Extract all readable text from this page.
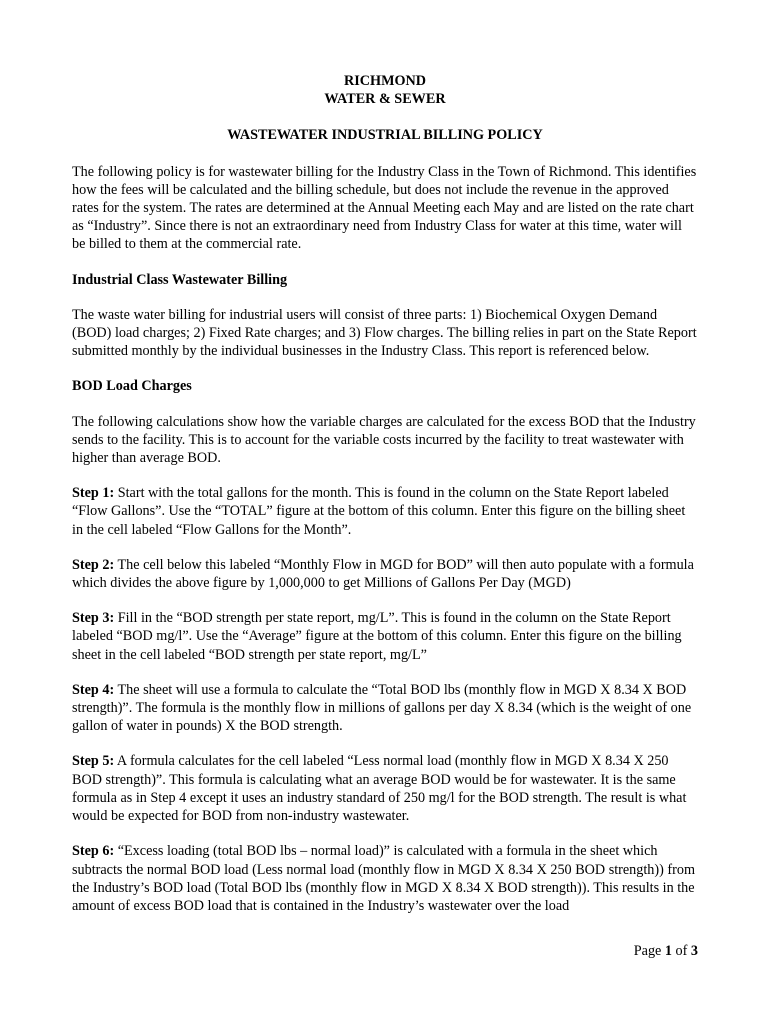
RICHMOND
WATER & SEWER
WASTEWATER INDUSTRIAL BILLING POLICY

The following policy is for wastewater billing for the Industry Class in the Town of Richmond. This identifies how the fees will be calculated and the billing schedule, but does not include the revenue in the approved rates for the system. The rates are determined at the Annual Meeting each May and are listed on the rate chart as “Industry”. Since there is not an extraordinary need from Industry Class for water at this time, water will be billed to them at the commercial rate.

Industrial Class Wastewater Billing

The waste water billing for industrial users will consist of three parts: 1) Biochemical Oxygen Demand (BOD) load charges; 2) Fixed Rate charges; and 3) Flow charges. The billing relies in part on the State Report submitted monthly by the individual businesses in the Industry Class. This report is referenced below.

BOD Load Charges

The following calculations show how the variable charges are calculated for the excess BOD that the Industry sends to the facility. This is to account for the variable costs incurred by the facility to treat wastewater with higher than average BOD.

Step 1: Start with the total gallons for the month. This is found in the column on the State Report labeled “Flow Gallons”. Use the “TOTAL” figure at the bottom of this column. Enter this figure on the billing sheet in the cell labeled “Flow Gallons for the Month”.

Step 2: The cell below this labeled “Monthly Flow in MGD for BOD” will then auto populate with a formula which divides the above figure by 1,000,000 to get Millions of Gallons Per Day (MGD)

Step 3: Fill in the “BOD strength per state report, mg/L”. This is found in the column on the State Report labeled “BOD mg/l”. Use the “Average” figure at the bottom of this column. Enter this figure on the billing sheet in the cell labeled “BOD strength per state report, mg/L”

Step 4: The sheet will use a formula to calculate the “Total BOD lbs (monthly flow in MGD X 8.34 X BOD strength)”. The formula is the monthly flow in millions of gallons per day X 8.34 (which is the weight of one gallon of water in pounds) X the BOD strength.

Step 5: A formula calculates for the cell labeled “Less normal load (monthly flow in MGD X 8.34 X 250 BOD strength)”. This formula is calculating what an average BOD would be for wastewater. It is the same formula as in Step 4 except it uses an industry standard of 250 mg/l for the BOD strength. The result is what would be expected for BOD from non-industry wastewater.

Step 6: “Excess loading (total BOD lbs – normal load)” is calculated with a formula in the sheet which subtracts the normal BOD load (Less normal load (monthly flow in MGD X 8.34 X 250 BOD strength)) from the Industry’s BOD load (Total BOD lbs (monthly flow in MGD X 8.34 X BOD strength)). This results in the amount of excess BOD load that is contained in the Industry’s wastewater over the load

Page 1 of 3
